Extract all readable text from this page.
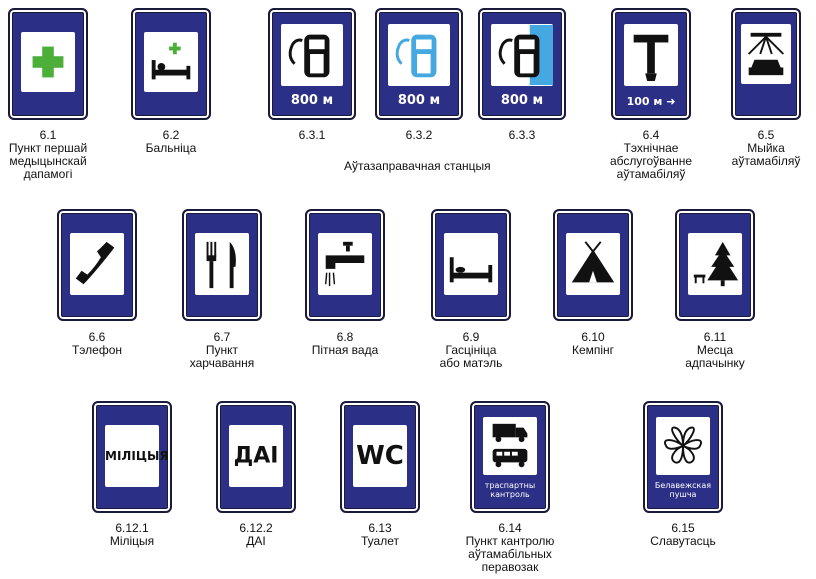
6.1
Пункт першай
медыцынскай
дапамогі
6.2
Бальніца
800 м
6.3.1
800 м
6.3.2
800 м
6.3.3
Аўтазаправачная станцыя
100 м ➜
6.4
Тэхнічнае
абслугоўванне
аўтамабіляў
6.5
Мыйка
аўтамабіляў
6.6
Тэлефон
6.7
Пункт
харчавання
6.8
Пітная вада
6.9
Гасцініца
або матэль
6.10
Кемпінг
6.11
Месца
адпачынку
МІЛІЦЫЯ
6.12.1
Міліцыя
ДАІ
6.12.2
ДАІ
WC
6.13
Туалет
траспартны
кантроль
6.14
Пункт кантролю
аўтамабільных
перавозак
Белавежская
пушча
6.15
Славутасць
